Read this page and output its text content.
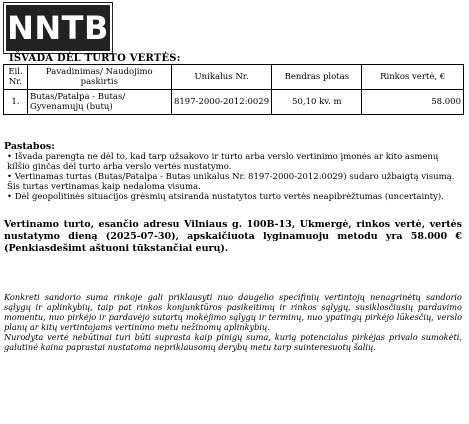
NNTB
IŠVADA DĖL TURTO VERTĖS:
Eil. Nr.	Pavadinimas/ Naudojimo paskirtis	Unikalus Nr.	Bendras plotas	Rinkos vertė, €
1.	Butas/Patalpa - Butas/ Gyvenamųjų (butų)	8197-2000-2012:0029	50,10 kv. m	58.000
Pastabos:
• Išvada parengta ne dėl to, kad tarp užsakovo ir turto arba verslo vertinimo įmonės ar kito asmenų kilšio ginčas dėl turto arba verslo vertės nustatymo.
• Vertinamas turtas (Butas/Patalpa - Butas unikalus Nr. 8197-2000-2012:0029) sudaro užbaigtą visumą. Šis turtas vertinamas kaip nedaloma visuma.
• Dėl geopolitinės situacijos grėsmių atsiranda nustatytos turto vertės neapibrėžtumas (uncertainty).
Vertinamo turto, esančio adresu Vilniaus g. 100B-13, Ukmergė, rinkos vertė, vertės nustatymo dieną (2025-07-30), apskaičiuota lyginamuoju metodu yra 58.000 € (Penkiasdešimt aštuoni tūkstančiai eurų).
Konkreti sandorio suma rinkoje gali priklausyti nuo daugelio specifinių vertintojų nenagrinėtų sandorio sąlygų ir aplinkybių, taip pat rinkos konjunktūros pasikeitimų ir rinkos sąlygų, susiklosčiusių pardavimo momentu, nuo pirkėjo ir pardavėjo sutartų mokėjimo sąlygų ir terminų, nuo ypatingų pirkėjo lūkesčių, verslo planų ar kitų vertintojams vertinimo metu nežinomų aplinkybių.
Nurodyta vertė nebūtinai turi būti suprasta kaip pinigų suma, kurią potencialus pirkėjas privalo sumokėti, galutinė kaina paprastai nustatoma nepriklausomų derybų metu tarp suinteresuotų šalių.
